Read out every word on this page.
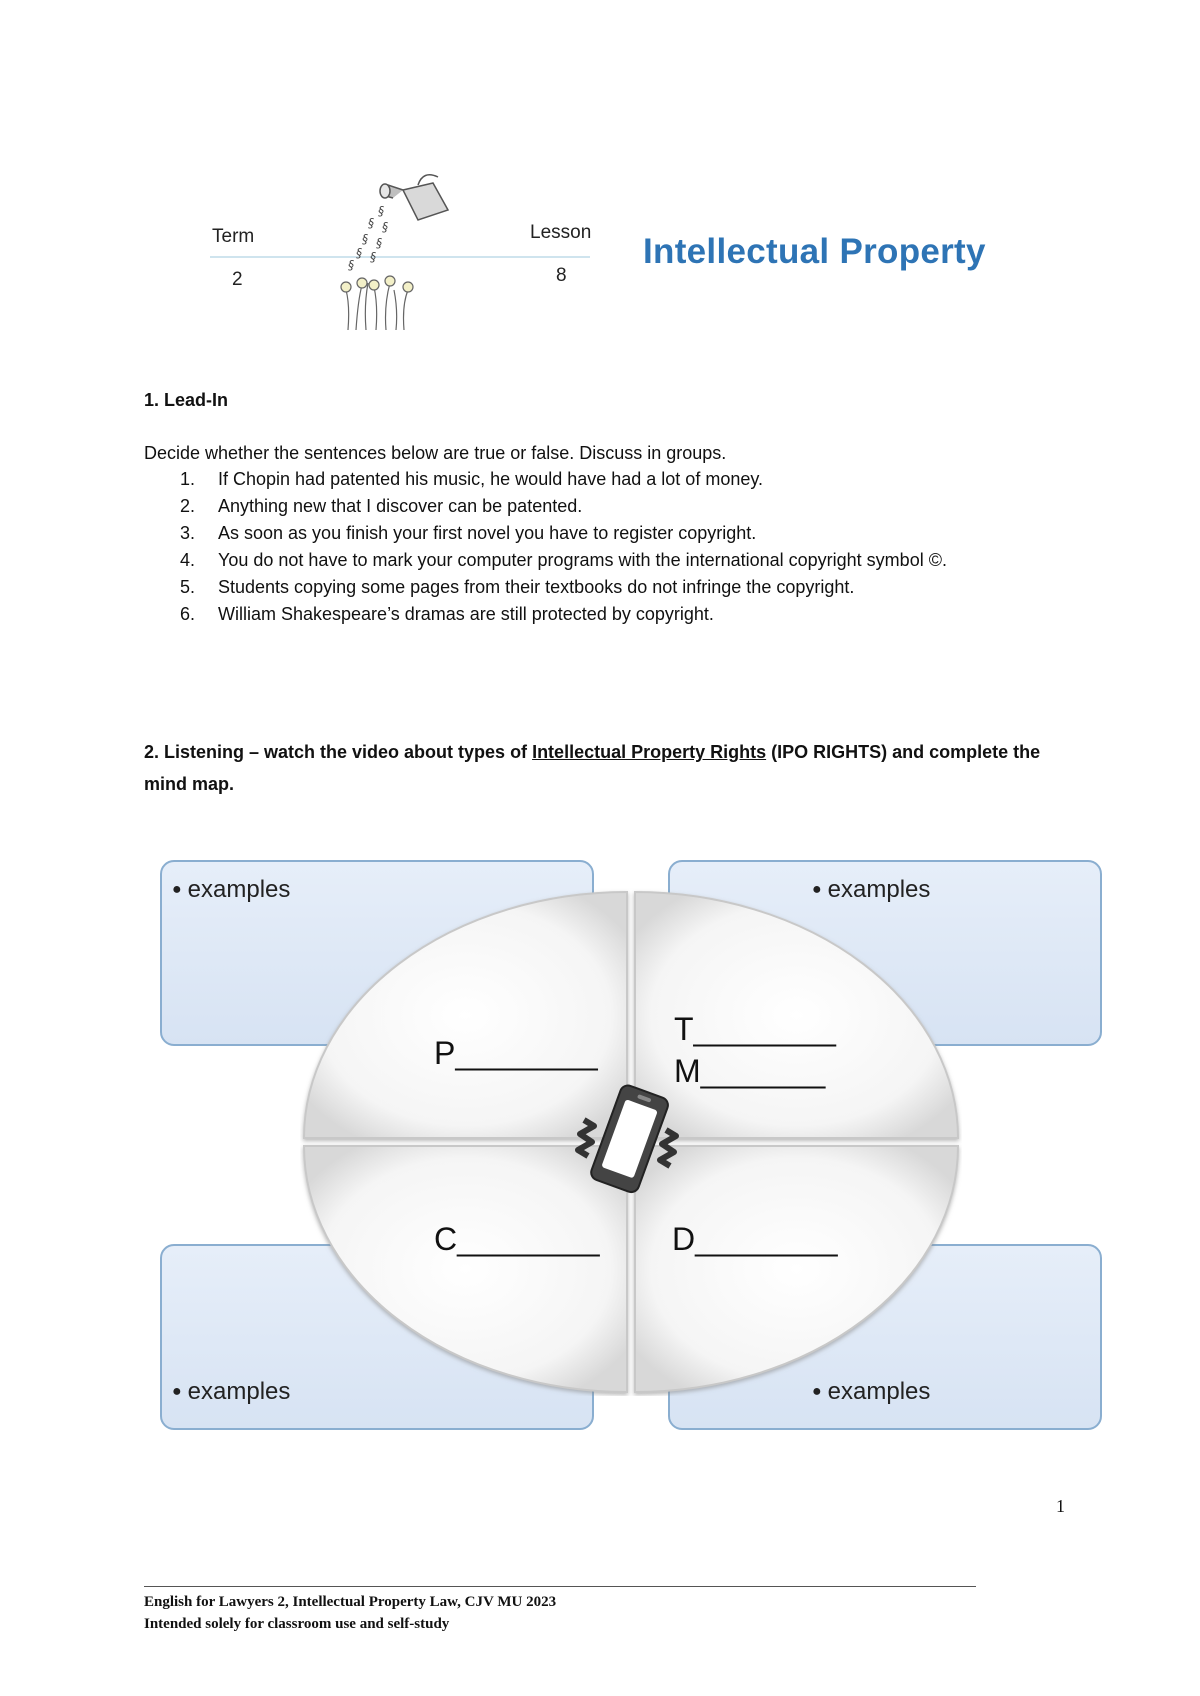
Term
2
Lesson
8
§
§ §
§ §
§ §
§	Intellectual Property
1. Lead-In
Decide whether the sentences below are true or false. Discuss in groups.
1.	If Chopin had patented his music, he would have had a lot of money.
2.	Anything new that I discover can be patented.
3.	As soon as you finish your first novel you have to register copyright.
4.	You do not have to mark your computer programs with the international copyright symbol ©.
5.	Students copying some pages from their textbooks do not infringe the copyright.
6.	William Shakespeare’s dramas are still protected by copyright.
2. Listening – watch the video about types of Intellectual Property Rights (IPO RIGHTS) and complete the mind map.
● examples	● examples
● examples	● examples
P________
T________
M_______
C________ D________
1
English for Lawyers 2, Intellectual Property Law, CJV MU 2023
Intended solely for classroom use and self-study
